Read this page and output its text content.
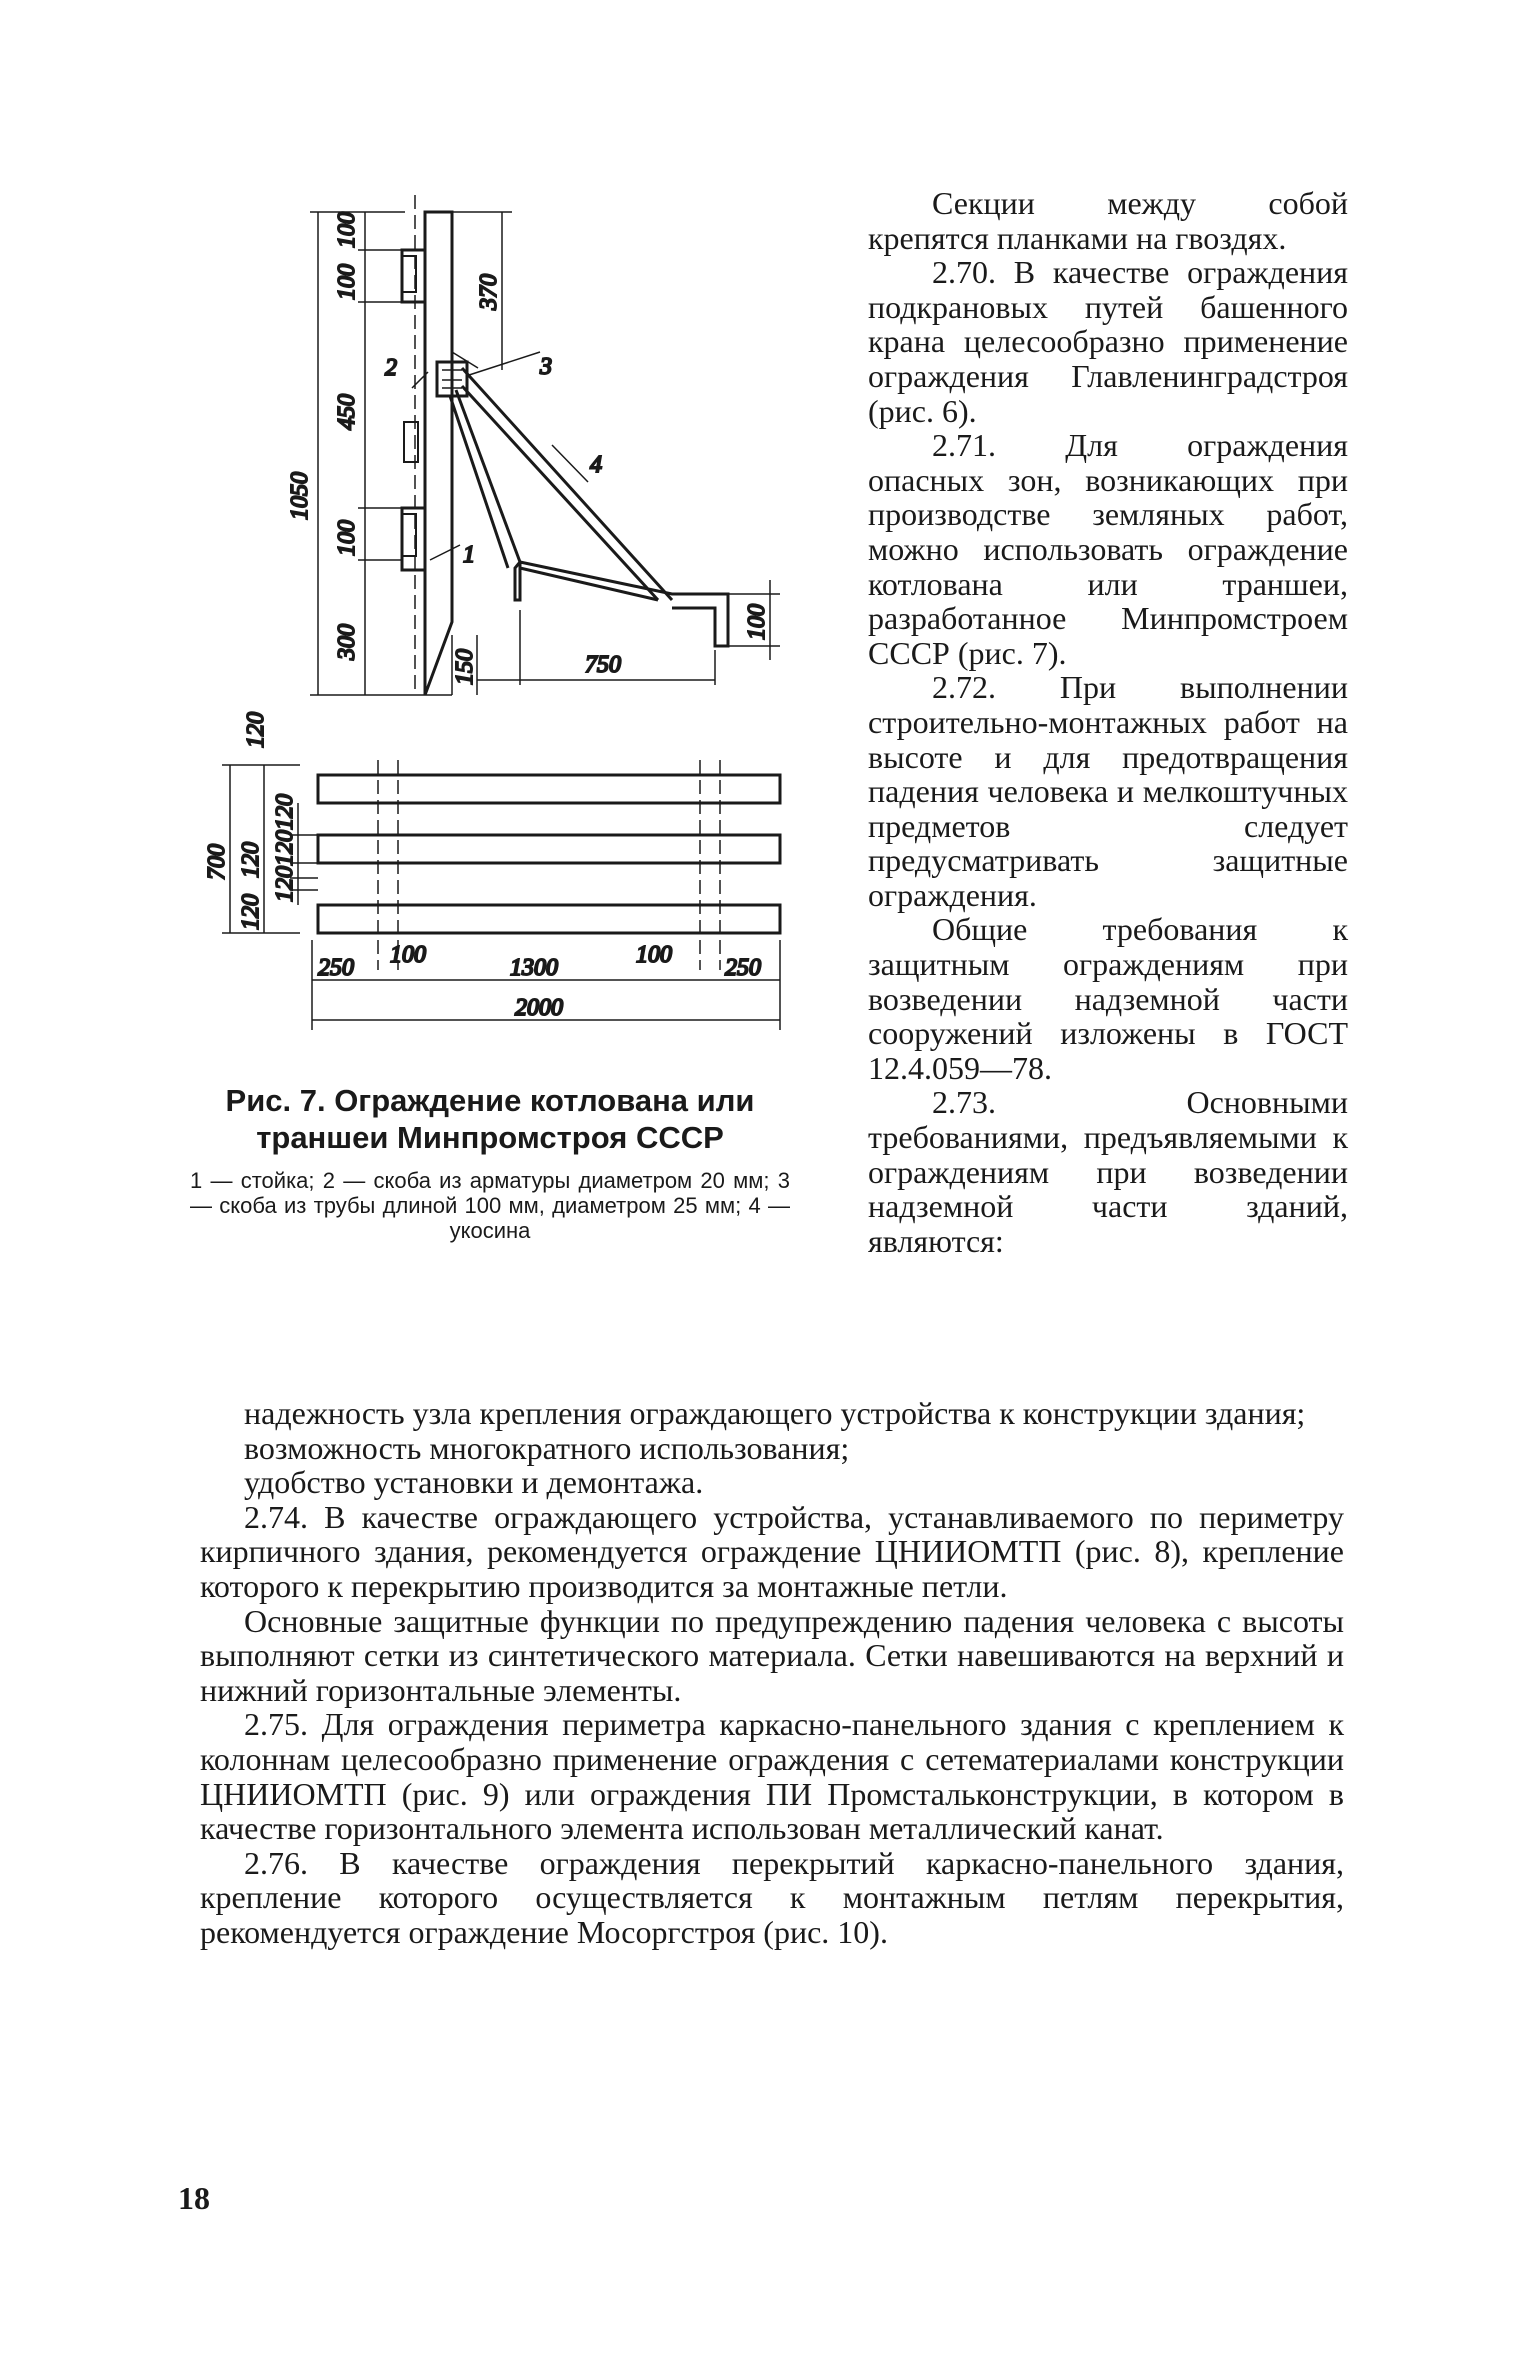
1050
100
100
450
100
300
370
150	750
100
1
2	3
4
120
700 120
120
120
120
120
250 100	1300	100 250
2000

Рис. 7. Ограждение котлована или траншеи Минпромстроя СССР

1 — стойка; 2 — скоба из арматуры диаметром 20 мм; 3 — скоба из трубы длиной 100 мм, диаметром 25 мм; 4 — укосина

Секции между собой крепятся планками на гвоздях.

2.70. В качестве ограждения подкрановых путей башенного крана целесообразно применение ограждения Главленинградстроя (рис. 6).

2.71. Для ограждения опасных зон, возникающих при производстве земляных работ, можно использовать ограждение котлована или траншеи, разработанное Минпромстроем СССР (рис. 7).

2.72. При выполнении строительно-монтажных работ на высоте и для предотвращения падения человека и мелкоштучных предметов следует предусматривать защитные ограждения.

Общие требования к защитным ограждениям при возведении надземной части сооружений изложены в ГОСТ 12.4.059—78.

2.73. Основными требованиями, предъявляемыми к ограждениям при возведении надземной части зданий, являются:

надежность узла крепления ограждающего устройства к конструкции здания;

возможность многократного использования;

удобство установки и демонтажа.

2.74. В качестве ограждающего устройства, устанавливаемого по периметру кирпичного здания, рекомендуется ограждение ЦНИИОМТП (рис. 8), крепление которого к перекрытию производится за монтажные петли.

Основные защитные функции по предупреждению падения человека с высоты выполняют сетки из синтетического материала. Сетки навешиваются на верхний и нижний горизонтальные элементы.

2.75. Для ограждения периметра каркасно-панельного здания с креплением к колоннам целесообразно применение ограждения с сетематериалами конструкции ЦНИИОМТП (рис. 9) или ограждения ПИ Промстальконструкции, в котором в качестве горизонтального элемента использован металлический канат.

2.76. В качестве ограждения перекрытий каркасно-панельного здания, крепление которого осуществляется к монтажным петлям перекрытия, рекомендуется ограждение Мосоргстроя (рис. 10).

18
